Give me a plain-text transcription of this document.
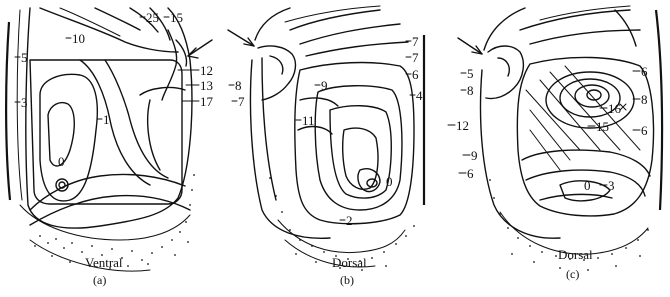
25 15
10
5
12
13 8
17
3
1
0
Ventral
(a)
7
7
6
9
4
11
0
2
7
Dorsal
(b)
5	6
8
8
16
15
12	6
9
6
0 3
Dorsal
(c)
